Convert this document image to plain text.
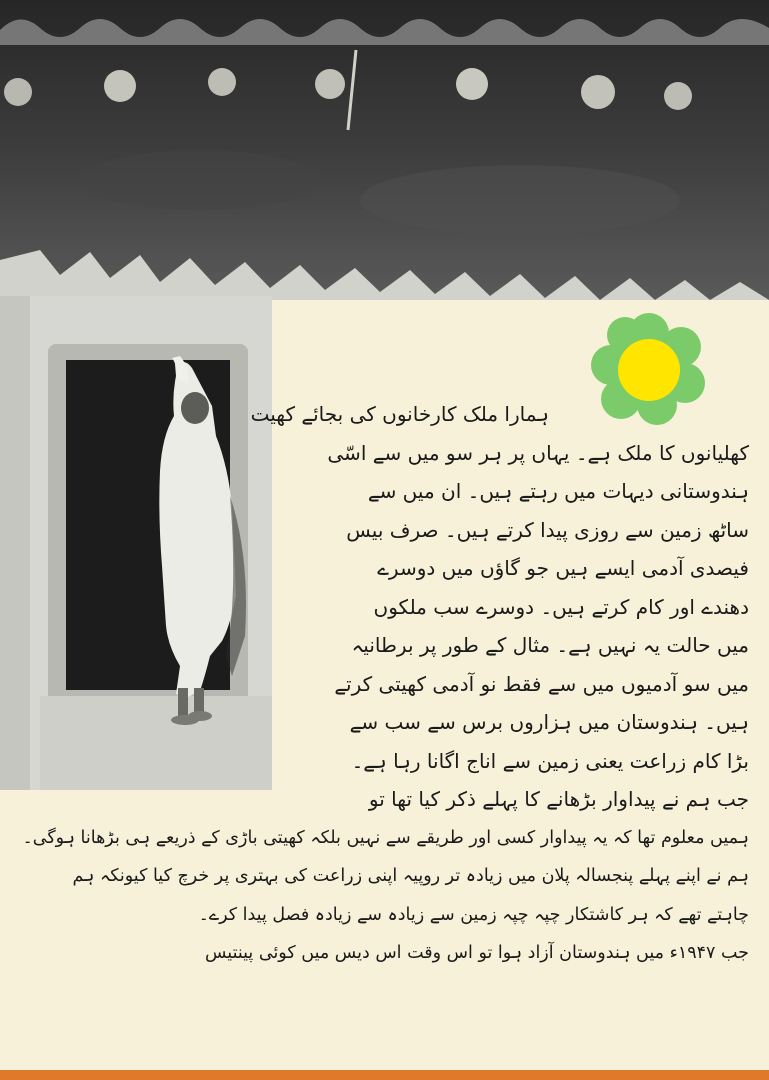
ہمارا ملک کارخانوں کی بجائے کھیت
کھلیانوں کا ملک ہے۔ یہاں پر ہر سو میں سے اسّی
ہندوستانی دیہات میں رہتے ہیں۔ ان میں سے
ساٹھ زمین سے روزی پیدا کرتے ہیں۔ صرف بیس
فیصدی آدمی ایسے ہیں جو گاؤں میں دوسرے
دھندے اور کام کرتے ہیں۔ دوسرے سب ملکوں
میں حالت یہ نہیں ہے۔ مثال کے طور پر برطانیہ
میں سو آدمیوں میں سے فقط نو آدمی کھیتی کرتے
ہیں۔ ہندوستان میں ہزاروں برس سے سب سے
بڑا کام زراعت یعنی زمین سے اناج اگانا رہا ہے۔
جب ہم نے پیداوار بڑھانے کا پہلے ذکر کیا تھا تو
ہمیں معلوم تھا کہ یہ پیداوار کسی اور طریقے سے نہیں بلکہ کھیتی باڑی کے ذریعے ہی بڑھانا ہوگی۔
ہم نے اپنے پہلے پنجسالہ پلان میں زیادہ تر روپیہ اپنی زراعت کی بہتری پر خرچ کیا کیونکہ ہم
چاہتے تھے کہ ہر کاشتکار چپہ چپہ زمین سے زیادہ سے زیادہ فصل پیدا کرے۔
جب ۱۹۴۷ء میں ہندوستان آزاد ہوا تو اس وقت اس دیس میں کوئی پینتیس
